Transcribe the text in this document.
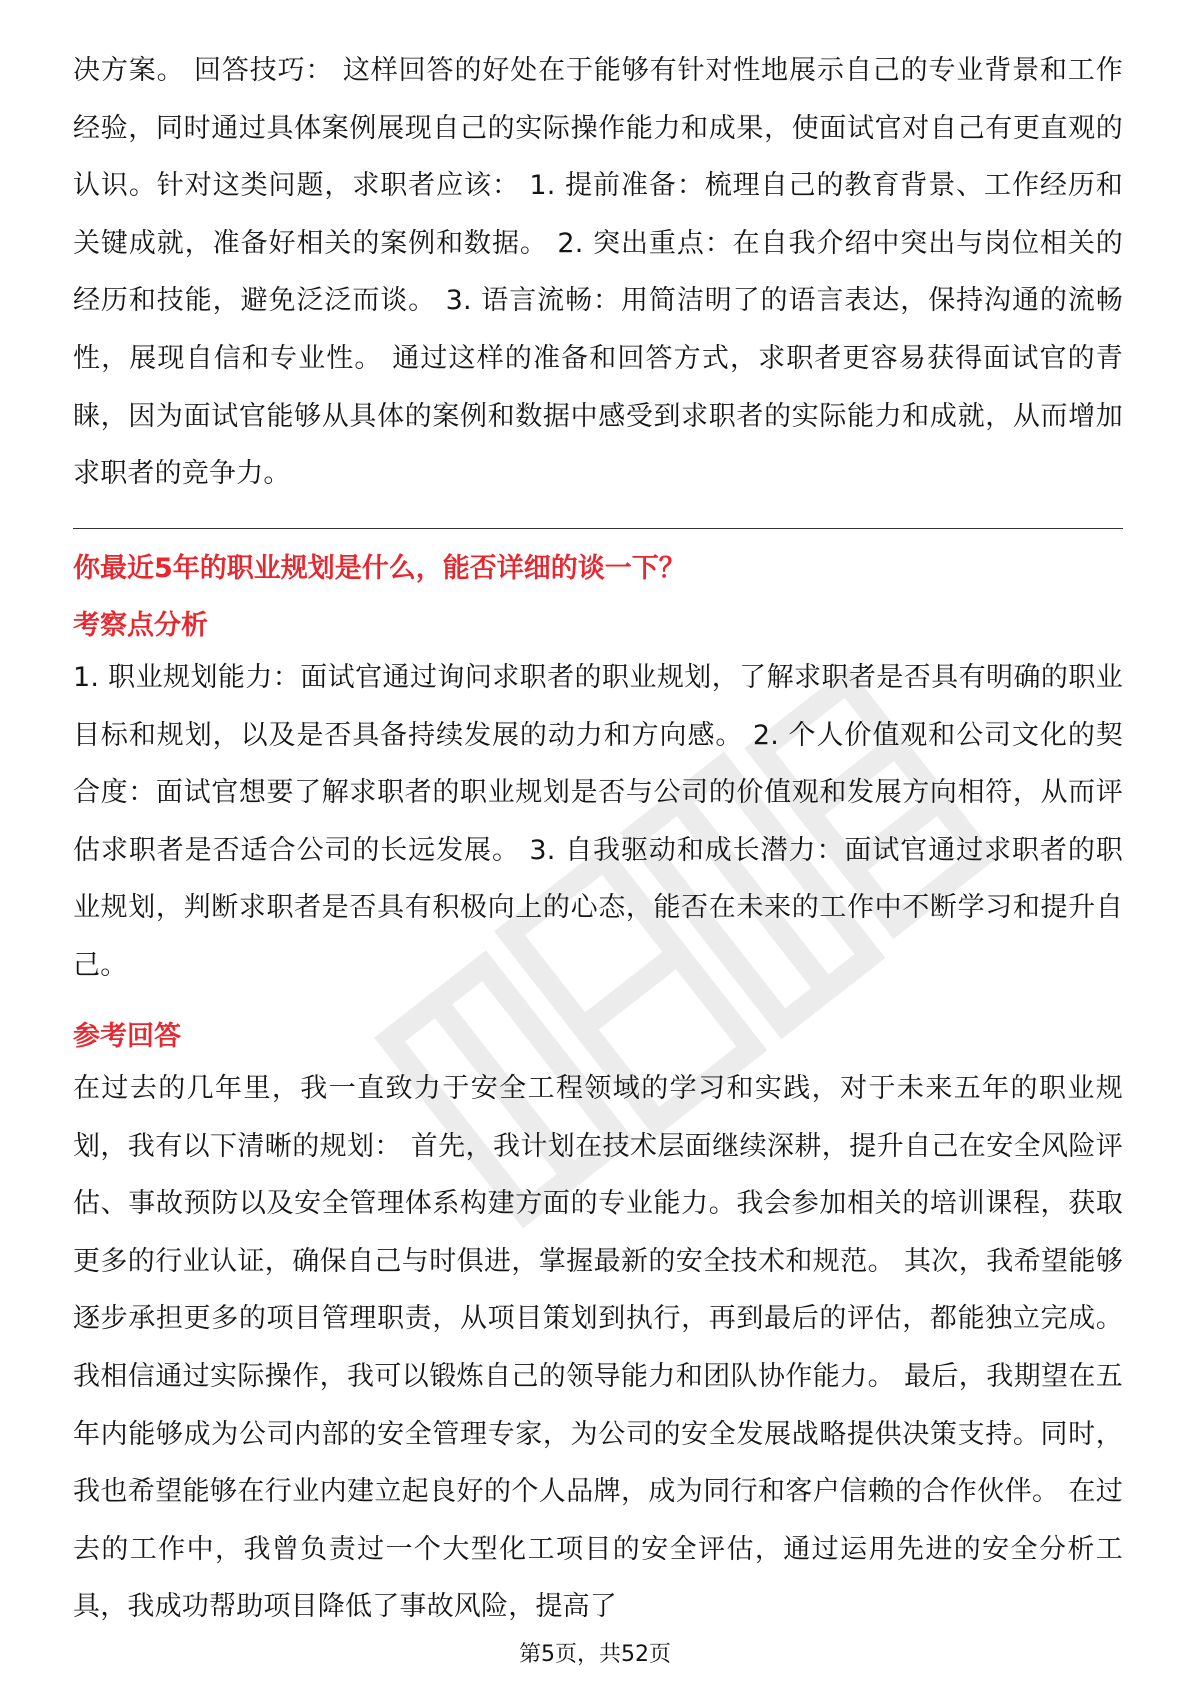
决方案。 回答技巧： 这样回答的好处在于能够有针对性地展示自己的专业背景和工作经验，同时通过具体案例展现自己的实际操作能力和成果，使面试官对自己有更直观的认识。针对这类问题，求职者应该： 1. 提前准备：梳理自己的教育背景、工作经历和关键成就，准备好相关的案例和数据。 2. 突出重点：在自我介绍中突出与岗位相关的经历和技能，避免泛泛而谈。 3. 语言流畅：用简洁明了的语言表达，保持沟通的流畅性，展现自信和专业性。 通过这样的准备和回答方式，求职者更容易获得面试官的青睐，因为面试官能够从具体的案例和数据中感受到求职者的实际能力和成就，从而增加求职者的竞争力。
你最近5年的职业规划是什么，能否详细的谈一下？
考察点分析
1. 职业规划能力：面试官通过询问求职者的职业规划，了解求职者是否具有明确的职业目标和规划，以及是否具备持续发展的动力和方向感。 2. 个人价值观和公司文化的契合度：面试官想要了解求职者的职业规划是否与公司的价值观和发展方向相符，从而评估求职者是否适合公司的长远发展。 3. 自我驱动和成长潜力：面试官通过求职者的职业规划，判断求职者是否具有积极向上的心态，能否在未来的工作中不断学习和提升自己。
参考回答
在过去的几年里，我一直致力于安全工程领域的学习和实践，对于未来五年的职业规划，我有以下清晰的规划： 首先，我计划在技术层面继续深耕，提升自己在安全风险评估、事故预防以及安全管理体系构建方面的专业能力。我会参加相关的培训课程，获取更多的行业认证，确保自己与时俱进，掌握最新的安全技术和规范。 其次，我希望能够逐步承担更多的项目管理职责，从项目策划到执行，再到最后的评估，都能独立完成。我相信通过实际操作，我可以锻炼自己的领导能力和团队协作能力。 最后，我期望在五年内能够成为公司内部的安全管理专家，为公司的安全发展战略提供决策支持。同时，我也希望能够在行业内建立起良好的个人品牌，成为同行和客户信赖的合作伙伴。 在过去的工作中，我曾负责过一个大型化工项目的安全评估，通过运用先进的安全分析工具，我成功帮助项目降低了事故风险，提高了
第5页，共52页
